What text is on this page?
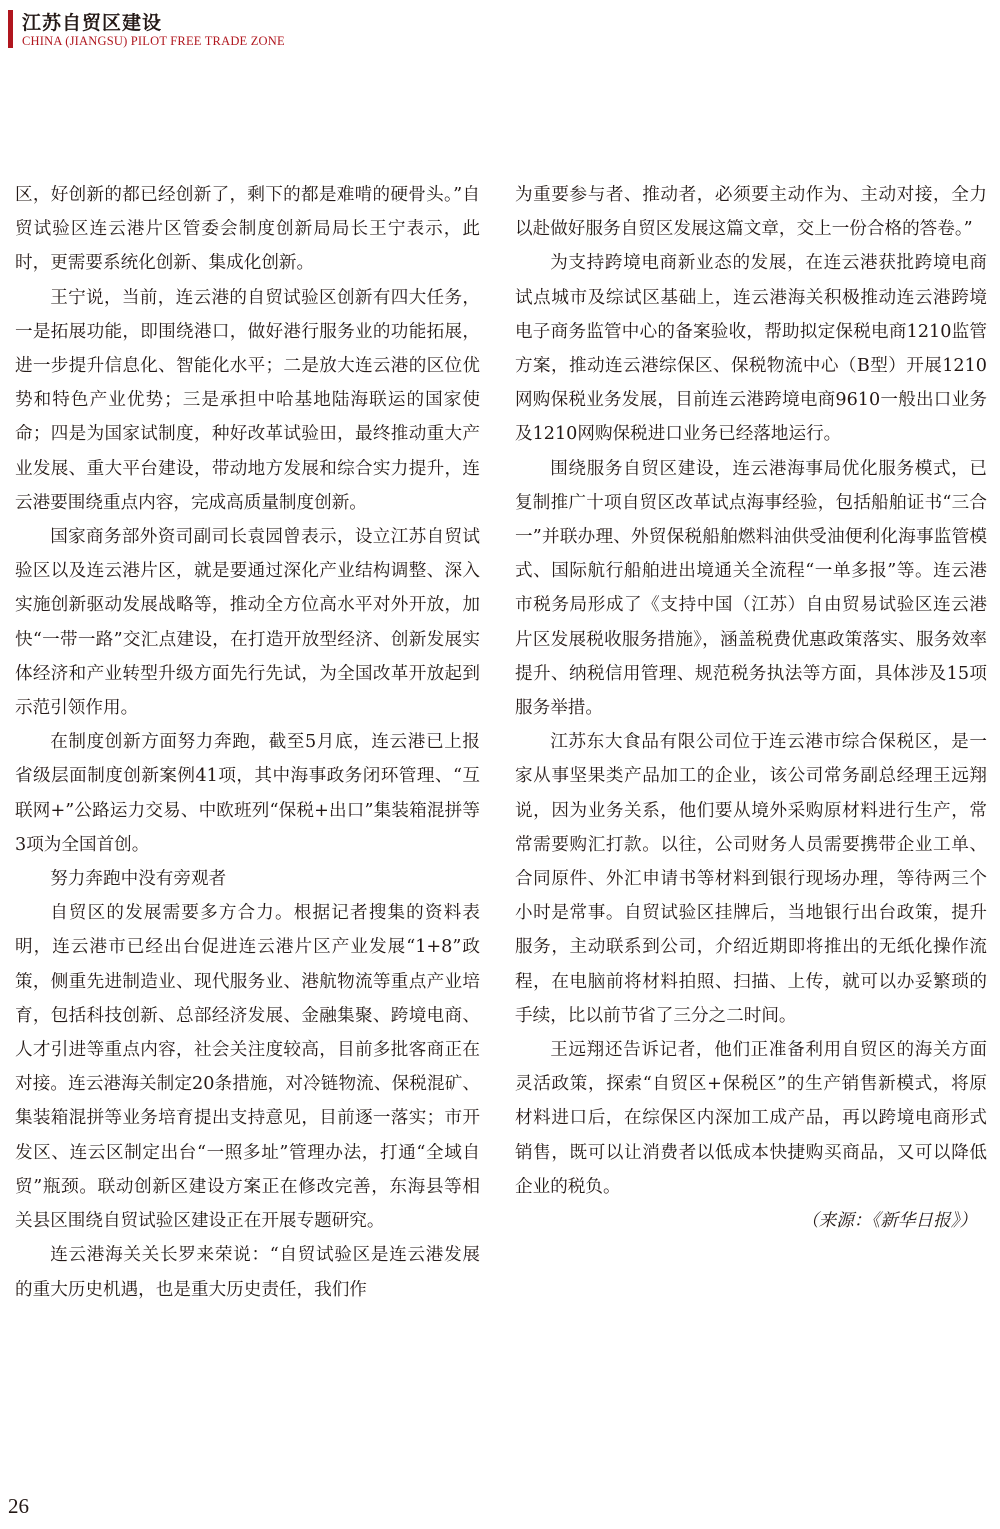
江苏自贸区建设
CHINA (JIANGSU) PILOT FREE TRADE ZONE

区，好创新的都已经创新了，剩下的都是难啃的硬骨头。”自贸试验区连云港片区管委会制度创新局局长王宁表示，此时，更需要系统化创新、集成化创新。

王宁说，当前，连云港的自贸试验区创新有四大任务，一是拓展功能，即围绕港口，做好港行服务业的功能拓展，进一步提升信息化、智能化水平；二是放大连云港的区位优势和特色产业优势；三是承担中哈基地陆海联运的国家使命；四是为国家试制度，种好改革试验田，最终推动重大产业发展、重大平台建设，带动地方发展和综合实力提升，连云港要围绕重点内容，完成高质量制度创新。

国家商务部外资司副司长袁园曾表示，设立江苏自贸试验区以及连云港片区，就是要通过深化产业结构调整、深入实施创新驱动发展战略等，推动全方位高水平对外开放，加快“一带一路”交汇点建设，在打造开放型经济、创新发展实体经济和产业转型升级方面先行先试，为全国改革开放起到示范引领作用。

在制度创新方面努力奔跑，截至5月底，连云港已上报省级层面制度创新案例41项，其中海事政务闭环管理、“互联网+”公路运力交易、中欧班列“保税+出口”集装箱混拼等3项为全国首创。

努力奔跑中没有旁观者

自贸区的发展需要多方合力。根据记者搜集的资料表明，连云港市已经出台促进连云港片区产业发展“1+8”政策，侧重先进制造业、现代服务业、港航物流等重点产业培育，包括科技创新、总部经济发展、金融集聚、跨境电商、人才引进等重点内容，社会关注度较高，目前多批客商正在对接。连云港海关制定20条措施，对冷链物流、保税混矿、集装箱混拼等业务培育提出支持意见，目前逐一落实；市开发区、连云区制定出台“一照多址”管理办法，打通“全域自贸”瓶颈。联动创新区建设方案正在修改完善，东海县等相关县区围绕自贸试验区建设正在开展专题研究。

连云港海关关长罗来荣说：“自贸试验区是连云港发展的重大历史机遇，也是重大历史责任，我们作

为重要参与者、推动者，必须要主动作为、主动对接，全力以赴做好服务自贸区发展这篇文章，交上一份合格的答卷。”

为支持跨境电商新业态的发展，在连云港获批跨境电商试点城市及综试区基础上，连云港海关积极推动连云港跨境电子商务监管中心的备案验收，帮助拟定保税电商1210监管方案，推动连云港综保区、保税物流中心（B型）开展1210网购保税业务发展，目前连云港跨境电商9610一般出口业务及1210网购保税进口业务已经落地运行。

围绕服务自贸区建设，连云港海事局优化服务模式，已复制推广十项自贸区改革试点海事经验，包括船舶证书“三合一”并联办理、外贸保税船舶燃料油供受油便利化海事监管模式、国际航行船舶进出境通关全流程“一单多报”等。连云港市税务局形成了《支持中国（江苏）自由贸易试验区连云港片区发展税收服务措施》，涵盖税费优惠政策落实、服务效率提升、纳税信用管理、规范税务执法等方面，具体涉及15项服务举措。

江苏东大食品有限公司位于连云港市综合保税区，是一家从事坚果类产品加工的企业，该公司常务副总经理王远翔说，因为业务关系，他们要从境外采购原材料进行生产，常常需要购汇打款。以往，公司财务人员需要携带企业工单、合同原件、外汇申请书等材料到银行现场办理，等待两三个小时是常事。自贸试验区挂牌后，当地银行出台政策，提升服务，主动联系到公司，介绍近期即将推出的无纸化操作流程，在电脑前将材料拍照、扫描、上传，就可以办妥繁琐的手续，比以前节省了三分之二时间。

王远翔还告诉记者，他们正准备利用自贸区的海关方面灵活政策，探索“自贸区+保税区”的生产销售新模式，将原材料进口后，在综保区内深加工成产品，再以跨境电商形式销售，既可以让消费者以低成本快捷购买商品，又可以降低企业的税负。

（来源：《新华日报》）

26
